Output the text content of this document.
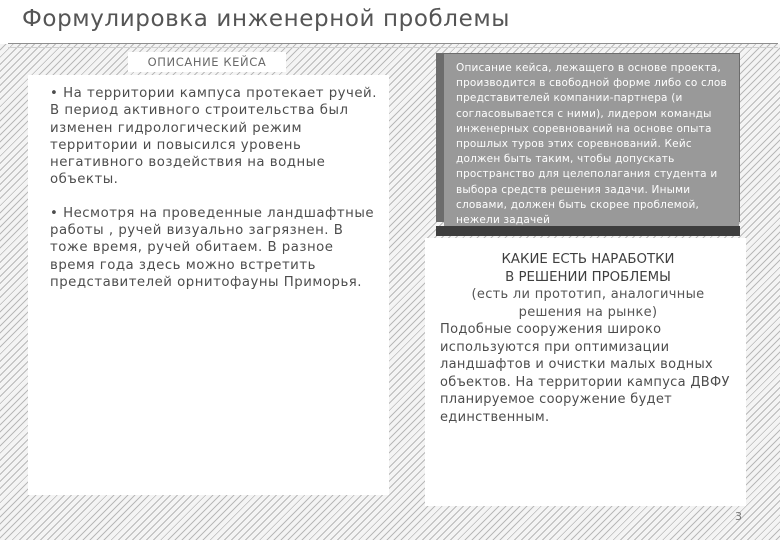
Формулировка инженерной проблемы
ОПИСАНИЕ КЕЙСА

• На территории кампуса протекает ручей. В период активного строительства был изменен гидрологический режим территории и повысился уровень негативного воздействия на водные объекты.

• Несмотря на проведенные ландшафтные работы , ручей визуально загрязнен. В тоже время, ручей обитаем. В разное время года здесь можно встретить представителей орнитофауны Приморья.

Описание кейса, лежащего в основе проекта, производится в свободной форме либо со слов представителей компании-партнера (и согласовывается с ними), лидером команды инженерных соревнований на основе опыта прошлых туров этих соревнований. Кейс должен быть таким, чтобы допускать пространство для целеполагания студента и выбора средств решения задачи. Иными словами, должен быть скорее проблемой, нежели задачей
КАКИЕ ЕСТЬ НАРАБОТКИ
В РЕШЕНИИ ПРОБЛЕМЫ
(есть ли прототип, аналогичные решения на рынке)
Подобные сооружения широко используются при оптимизации ландшафтов и очистки малых водных объектов. На территории кампуса ДВФУ планируемое сооружение будет единственным.
3
